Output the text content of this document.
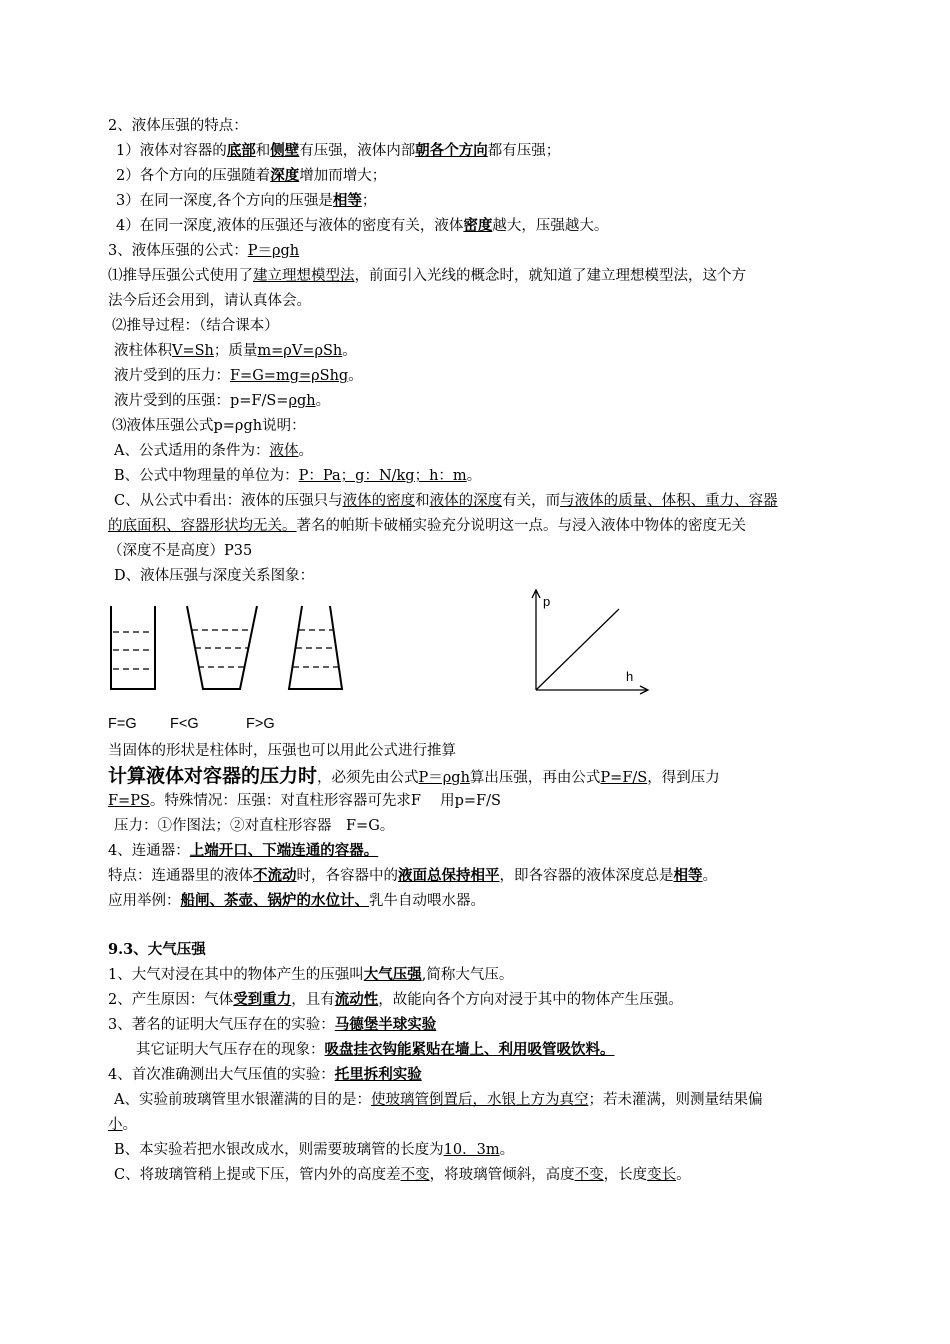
2、液体压强的特点：
1）液体对容器的底部和侧壁有压强，液体内部朝各个方向都有压强；
2）各个方向的压强随着深度增加而增大；
3）在同一深度,各个方向的压强是相等；
4）在同一深度,液体的压强还与液体的密度有关，液体密度越大，压强越大。
3、液体压强的公式：P＝ρgh
⑴推导压强公式使用了建立理想模型法，前面引入光线的概念时，就知道了建立理想模型法，这个方
法今后还会用到，请认真体会。
⑵推导过程：（结合课本）
液柱体积V=Sh；质量m=ρV=ρSh。
液片受到的压力：F=G=mg=ρShg。
液片受到的压强：p=F/S=ρgh。
⑶液体压强公式p=ρgh说明：
A、公式适用的条件为：液体。
B、公式中物理量的单位为：P：Pa；g：N/kg；h：m。
C、从公式中看出：液体的压强只与液体的密度和液体的深度有关，而与液体的质量、体积、重力、容器
的底面积、容器形状均无关。著名的帕斯卡破桶实验充分说明这一点。与浸入液体中物体的密度无关
（深度不是高度）P35
D、液体压强与深度关系图象：
p
h
F=G F<G	F>G
当固体的形状是柱体时，压强也可以用此公式进行推算
计算液体对容器的压力时，必须先由公式P＝ρgh算出压强，再由公式P=F/S，得到压力
F=PS。特殊情况：压强：对直柱形容器可先求F　 用p=F/S
压力：①作图法；②对直柱形容器　F=G。
4、连通器：上端开口、下端连通的容器。
特点：连通器里的液体不流动时，各容器中的液面总保持相平，即各容器的液体深度总是相等。
应用举例：船闸、茶壶、锅炉的水位计、乳牛自动喂水器。
9.3、大气压强
1、大气对浸在其中的物体产生的压强叫大气压强,简称大气压。
2、产生原因：气体受到重力，且有流动性，故能向各个方向对浸于其中的物体产生压强。
3、著名的证明大气压存在的实验：马德堡半球实验
其它证明大气压存在的现象：吸盘挂衣钩能紧贴在墙上、利用吸管吸饮料。
4、首次准确测出大气压值的实验：托里拆利实验
A、实验前玻璃管里水银灌满的目的是：使玻璃管倒置后，水银上方为真空；若未灌满，则测量结果偏
小。
B、本实验若把水银改成水，则需要玻璃管的长度为10．3m。
C、将玻璃管稍上提或下压，管内外的高度差不变，将玻璃管倾斜，高度不变，长度变长。
